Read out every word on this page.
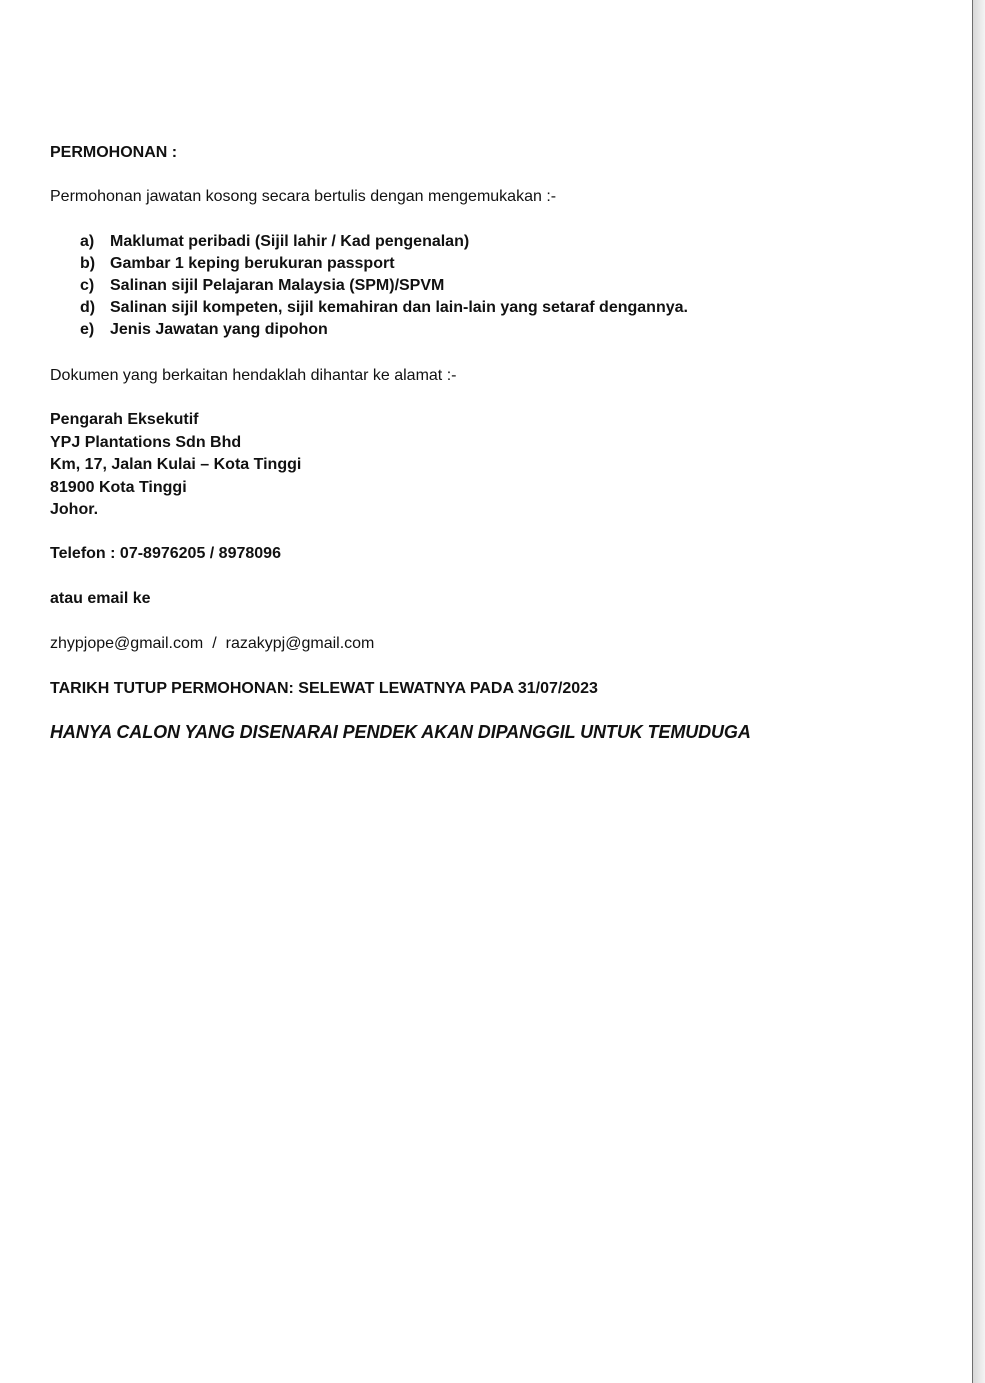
PERMOHONAN :
Permohonan jawatan kosong secara bertulis dengan mengemukakan :-
a) Maklumat peribadi (Sijil lahir / Kad pengenalan)
b) Gambar 1 keping berukuran passport
c) Salinan sijil Pelajaran Malaysia (SPM)/SPVM
d) Salinan sijil kompeten, sijil kemahiran dan lain-lain yang setaraf dengannya.
e) Jenis Jawatan yang dipohon
Dokumen yang berkaitan hendaklah dihantar ke alamat :-
Pengarah Eksekutif
YPJ Plantations Sdn Bhd
Km, 17, Jalan Kulai – Kota Tinggi
81900 Kota Tinggi
Johor.
Telefon : 07-8976205 / 8978096
atau email ke
zhypjope@gmail.com / razakypj@gmail.com
TARIKH TUTUP PERMOHONAN: SELEWAT LEWATNYA PADA 31/07/2023
HANYA CALON YANG DISENARAI PENDEK AKAN DIPANGGIL UNTUK TEMUDUGA
